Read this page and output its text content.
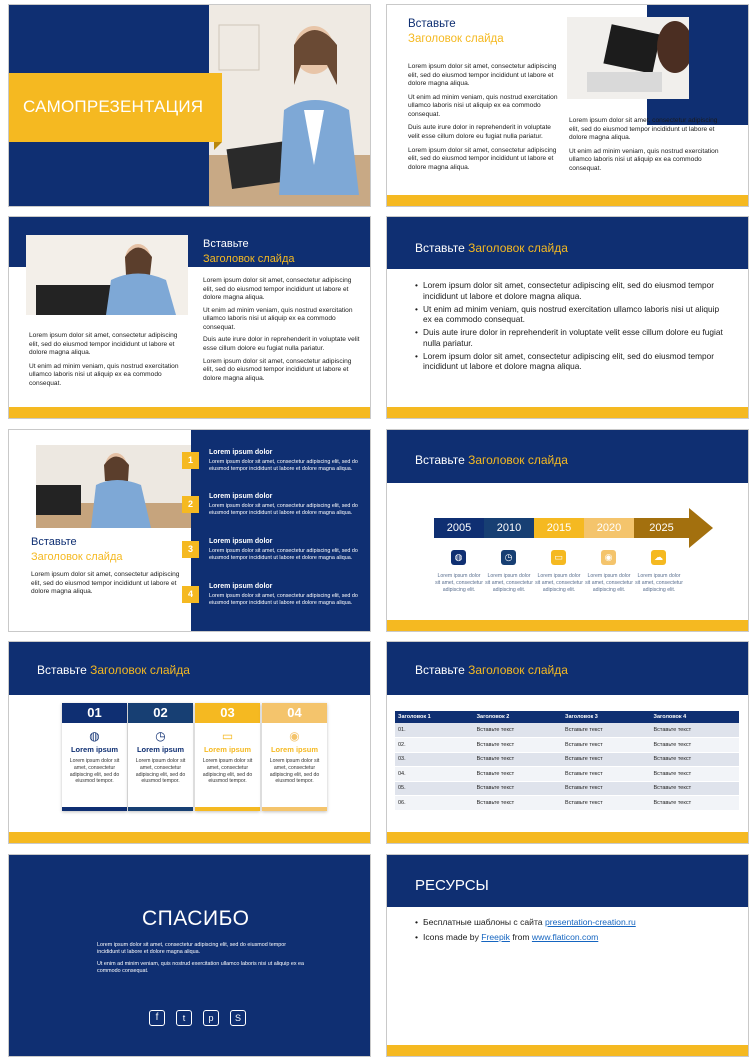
САМОПРЕЗЕНТАЦИЯ
Вставьте
Заголовок слайда

Lorem ipsum dolor sit amet, consectetur adipiscing elit, sed do eiusmod tempor incididunt ut labore et dolore magna aliqua.

Ut enim ad minim veniam, quis nostrud exercitation ullamco laboris nisi ut aliquip ex ea commodo consequat.

Duis aute irure dolor in reprehenderit in voluptate velit esse cillum dolore eu fugiat nulla pariatur.

Lorem ipsum dolor sit amet, consectetur adipiscing elit, sed do eiusmod tempor incididunt ut labore et dolore magna aliqua.

Lorem ipsum dolor sit amet, consectetur adipiscing elit, sed do eiusmod tempor incididunt ut labore et dolore magna aliqua.

Ut enim ad minim veniam, quis nostrud exercitation ullamco laboris nisi ut aliquip ex ea commodo consequat.

Вставьте
Заголовок слайда

Lorem ipsum dolor sit amet, consectetur adipiscing elit, sed do eiusmod tempor incididunt ut labore et dolore magna aliqua.

Ut enim ad minim veniam, quis nostrud exercitation ullamco laboris nisi ut aliquip ex ea commodo consequat.

Lorem ipsum dolor sit amet, consectetur adipiscing elit, sed do eiusmod tempor incididunt ut labore et dolore magna aliqua.

Ut enim ad minim veniam, quis nostrud exercitation ullamco laboris nisi ut aliquip ex ea commodo consequat.

Duis aute irure dolor in reprehenderit in voluptate velit esse cillum dolore eu fugiat nulla pariatur.

Lorem ipsum dolor sit amet, consectetur adipiscing elit, sed do eiusmod tempor incididunt ut labore et dolore magna aliqua.

Вставьте Заголовок слайда
• Lorem ipsum dolor sit amet, consectetur adipiscing elit, sed do eiusmod tempor incididunt ut labore et dolore magna aliqua.
• Ut enim ad minim veniam, quis nostrud exercitation ullamco laboris nisi ut aliquip ex ea commodo consequat.
• Duis aute irure dolor in reprehenderit in voluptate velit esse cillum dolore eu fugiat nulla pariatur.
• Lorem ipsum dolor sit amet, consectetur adipiscing elit, sed do eiusmod tempor incididunt ut labore et dolore magna aliqua.
Вставьте
Заголовок слайда

Lorem ipsum dolor sit amet, consectetur adipiscing elit, sed do eiusmod tempor incididunt ut labore et dolore magna aliqua.

1
Lorem ipsum dolor
Lorem ipsum dolor sit amet, consectetur adipiscing elit, sed do eiusmod tempor incididunt ut labore et dolore magna aliqua.
2
Lorem ipsum dolor
Lorem ipsum dolor sit amet, consectetur adipiscing elit, sed do eiusmod tempor incididunt ut labore et dolore magna aliqua.
3
Lorem ipsum dolor
Lorem ipsum dolor sit amet, consectetur adipiscing elit, sed do eiusmod tempor incididunt ut labore et dolore magna aliqua.
4
Lorem ipsum dolor
Lorem ipsum dolor sit amet, consectetur adipiscing elit, sed do eiusmod tempor incididunt ut labore et dolore magna aliqua.
Вставьте Заголовок слайда
2005	2010	2015	2020	2025
◍	◷	▭	◉	☁
Lorem ipsum dolor sit amet, consectetur adipiscing elit.
Lorem ipsum dolor sit amet, consectetur adipiscing elit.
Lorem ipsum dolor sit amet, consectetur adipiscing elit.
Lorem ipsum dolor sit amet, consectetur adipiscing elit.
Lorem ipsum dolor sit amet, consectetur adipiscing elit.
Вставьте Заголовок слайда
01
◍
Lorem ipsum
Lorem ipsum dolor sit amet, consectetur adipiscing elit, sed do eiusmod tempor.
02
◷
Lorem ipsum
Lorem ipsum dolor sit amet, consectetur adipiscing elit, sed do eiusmod tempor.
03
▭
Lorem ipsum
Lorem ipsum dolor sit amet, consectetur adipiscing elit, sed do eiusmod tempor.
04
◉
Lorem ipsum
Lorem ipsum dolor sit amet, consectetur adipiscing elit, sed do eiusmod tempor.
Вставьте Заголовок слайда
Заголовок 1	Заголовок 2	Заголовок 3	Заголовок 4
01.	Вставьте текст	Вставьте текст	Вставьте текст
02.	Вставьте текст	Вставьте текст	Вставьте текст
03.	Вставьте текст	Вставьте текст	Вставьте текст
04.	Вставьте текст	Вставьте текст	Вставьте текст
05.	Вставьте текст	Вставьте текст	Вставьте текст
06.	Вставьте текст	Вставьте текст	Вставьте текст
СПАСИБО

Lorem ipsum dolor sit amet, consectetur adipiscing elit, sed do eiusmod tempor incididunt ut labore et dolore magna aliqua.

Ut enim ad minim veniam, quis nostrud exercitation ullamco laboris nisi ut aliquip ex ea commodo consequat.

f	t	p	S
РЕСУРСЫ
• Бесплатные шаблоны с сайта presentation-creation.ru
• Icons made by Freepik from www.flaticon.com
